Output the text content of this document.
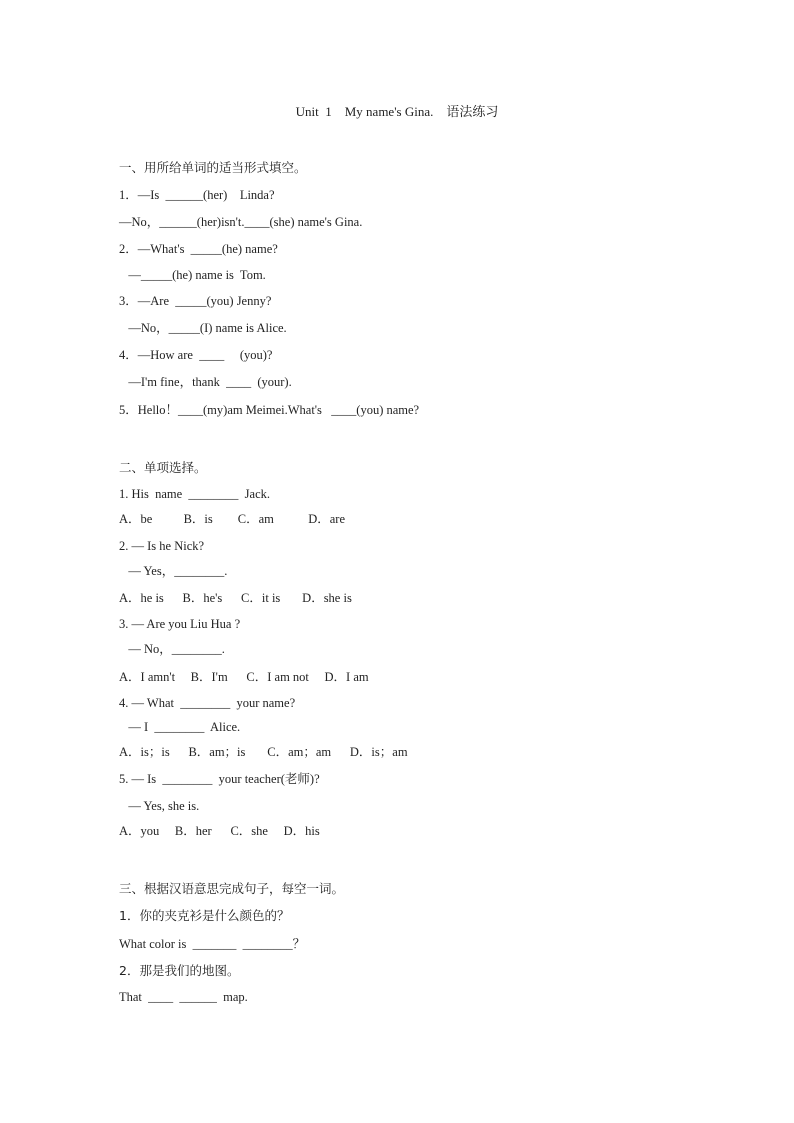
Unit  1    My name's Gina.    语法练习
一、用所给单词的适当形式填空。
1．—Is  ______(her)    Linda?
—No，______(her)isn't.____(she) name's Gina.
2．—What's  _____(he) name?
—_____(he) name is  Tom.
3．—Are  _____(you) Jenny?
—No，_____(I) name is Alice.
4．—How are  ____     (you)?
—I'm fine，thank  ____  (your).
5．Hello！____(my)am Meimei.What's   ____(you) name?
二、单项选择。
1. His  name  ________  Jack.
A．be          B．is        C．am           D．are
2. — Is he Nick?
— Yes，________.
A．he is      B．he's      C．it is       D．she is
3. — Are you Liu Hua ?
— No，________.
A．I amn't     B．I'm      C．I am not     D．I am
4. — What  ________  your name?
— I  ________  Alice.
A．is；is      B．am；is       C．am；am      D．is；am
5. — Is  ________  your teacher(老师)?
— Yes, she is.
A．you     B．her      C．she     D．his
三、根据汉语意思完成句子，每空一词。
1．你的夹克衫是什么颜色的？
What color is  _______  ________？
2．那是我们的地图。
That  ____  ______  map.
